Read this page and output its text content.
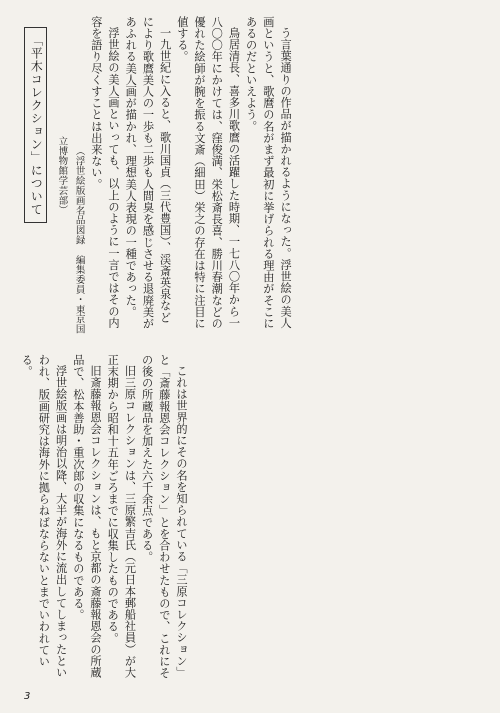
う言葉通りの作品が描かれるようになった。浮世絵の美人画というと、歌麿の名がまず最初に挙げられる理由がそこにあるのだといえよう。

鳥居清長、喜多川歌麿の活躍した時期、一七八〇年から一八〇〇年にかけては、窪俊満、栄松斎長喜、勝川春潮などの優れた絵師が腕を振る文斎（細田）栄之の存在は特に注目に値する。

一九世紀に入ると、歌川国貞（三代豊国）、渓斎英泉などにより歌麿美人の一歩も二歩も人間臭を感じさせる退廃美があふれる美人画が描かれ、理想美人表現の一種であった。

浮世絵の美人画といっても、以上のように一言ではその内容を語り尽くすことは出来ない。

（浮世絵版画名品図録　編集委員・東京国立博物館学芸部）

「平木コレクション」について

これは世界的にその名を知られている「三原コレクション」と「斎藤報恩会コレクション」とを合わせたもので、これにその後の所蔵品を加えた六千余点である。

旧三原コレクションは、三原繁吉氏（元日本郵船社員）が大正末期から昭和十五年ごろまでに収集したものである。

旧斎藤報恩会コレクションは、もと京都の斎藤報恩会の所蔵品で、松本善助・重次郎の収集になるものである。

浮世絵版画は明治以降、大半が海外に流出してしまったといわれ、版画研究は海外に拠らねばならないとまでいわれている。

3
